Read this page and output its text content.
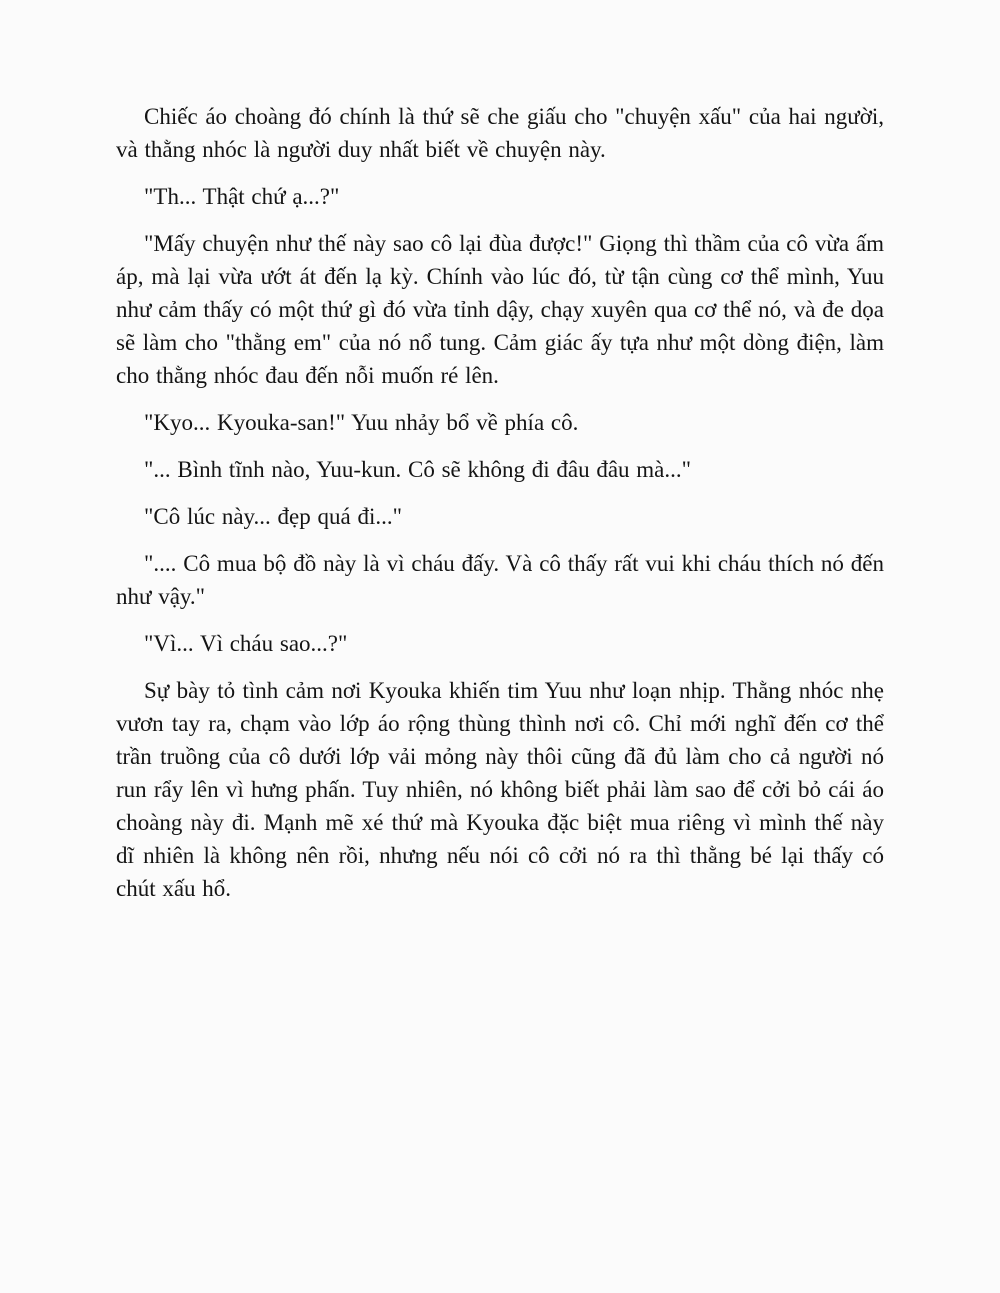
Chiếc áo choàng đó chính là thứ sẽ che giấu cho "chuyện xấu" của hai người, và thằng nhóc là người duy nhất biết về chuyện này.

"Th... Thật chứ ạ...?"

"Mấy chuyện như thế này sao cô lại đùa được!" Giọng thì thầm của cô vừa ấm áp, mà lại vừa ướt át đến lạ kỳ. Chính vào lúc đó, từ tận cùng cơ thể mình, Yuu như cảm thấy có một thứ gì đó vừa tỉnh dậy, chạy xuyên qua cơ thể nó, và đe dọa sẽ làm cho "thằng em" của nó nổ tung. Cảm giác ấy tựa như một dòng điện, làm cho thằng nhóc đau đến nỗi muốn ré lên.

"Kyo... Kyouka-san!" Yuu nhảy bổ về phía cô.

"... Bình tĩnh nào, Yuu-kun. Cô sẽ không đi đâu đâu mà..."

"Cô lúc này... đẹp quá đi..."

".... Cô mua bộ đồ này là vì cháu đấy. Và cô thấy rất vui khi cháu thích nó đến như vậy."

"Vì... Vì cháu sao...?"

Sự bày tỏ tình cảm nơi Kyouka khiến tim Yuu như loạn nhịp. Thằng nhóc nhẹ vươn tay ra, chạm vào lớp áo rộng thùng thình nơi cô. Chỉ mới nghĩ đến cơ thể trần truồng của cô dưới lớp vải mỏng này thôi cũng đã đủ làm cho cả người nó run rẩy lên vì hưng phấn. Tuy nhiên, nó không biết phải làm sao để cởi bỏ cái áo choàng này đi. Mạnh mẽ xé thứ mà Kyouka đặc biệt mua riêng vì mình thế này dĩ nhiên là không nên rồi, nhưng nếu nói cô cởi nó ra thì thằng bé lại thấy có chút xấu hổ.
